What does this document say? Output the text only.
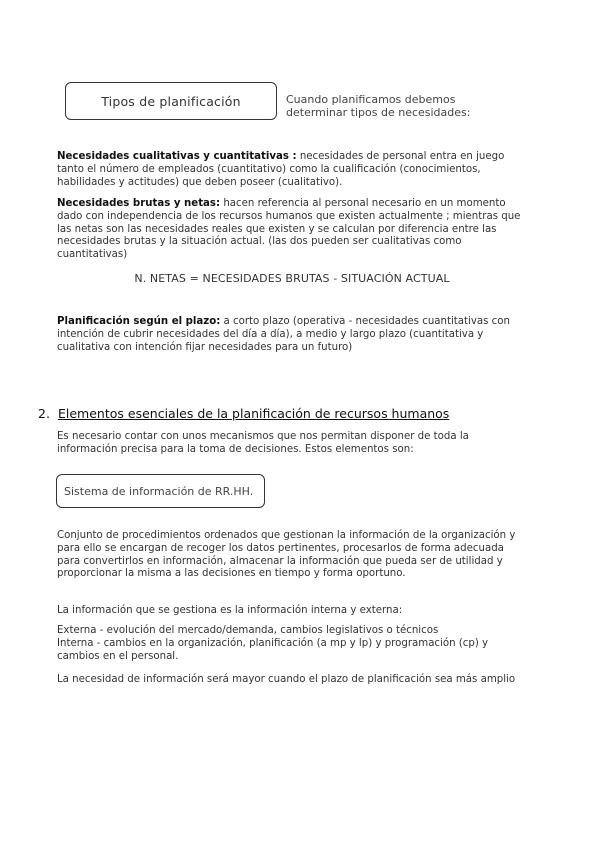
Tipos de planificación	Cuando planificamos debemos determinar tipos de necesidades:
Necesidades cualitativas y cuantitativas : necesidades de personal entra en juego tanto el número de empleados (cuantitativo) como la cualificación (conocimientos, habilidades y actitudes) que deben poseer (cualitativo).
Necesidades brutas y netas: hacen referencia al personal necesario en un momento dado con independencia de los recursos humanos que existen actualmente ; mientras que las netas son las necesidades reales que existen y se calculan por diferencia entre las necesidades brutas y la situación actual. (las dos pueden ser cualitativas como cuantitativas)
N. NETAS = NECESIDADES BRUTAS - SITUACIÓN ACTUAL
Planificación según el plazo: a corto plazo (operativa - necesidades cuantitativas con intención de cubrir necesidades del día a día), a medio y largo plazo (cuantitativa y cualitativa con intención fijar necesidades para un futuro)
2. Elementos esenciales de la planificación de recursos humanos
Es necesario contar con unos mecanismos que nos permitan disponer de toda la información precisa para la toma de decisiones. Estos elementos son:
Sistema de información de RR.HH.
Conjunto de procedimientos ordenados que gestionan la información de la organización y para ello se encargan de recoger los datos pertinentes, procesarlos de forma adecuada para convertirlos en información, almacenar la información que pueda ser de utilidad y proporcionar la misma a las decisiones en tiempo y forma oportuno.
La información que se gestiona es la información interna y externa:
Externa - evolución del mercado/demanda, cambios legislativos o técnicos
Interna - cambios en la organización, planificación (a mp y lp) y programación (cp) y cambios en el personal.
La necesidad de información será mayor cuando el plazo de planificación sea más amplio
